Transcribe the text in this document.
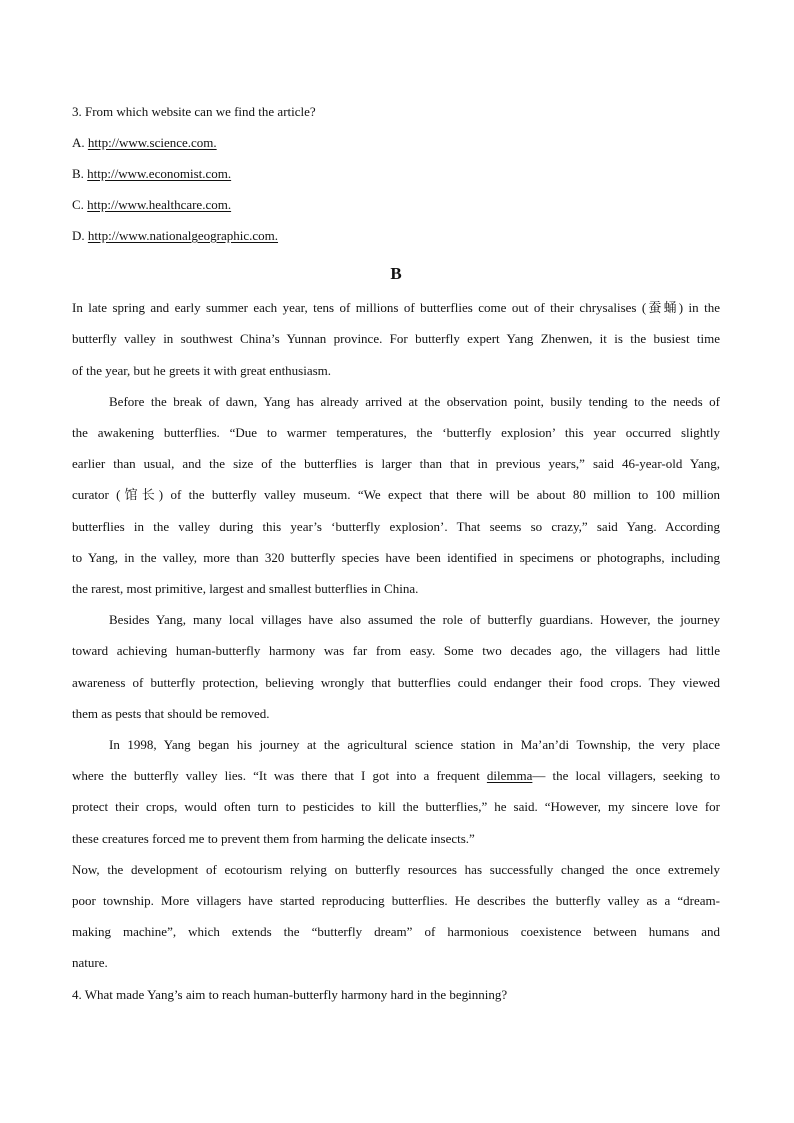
3. From which website can we find the article?
A. http://www.science.com.
B. http://www.economist.com.
C. http://www.healthcare.com.
D. http://www.nationalgeographic.com.
B
In late spring and early summer each year, tens of millions of butterflies come out of their chrysalises (蚕蛹) in the
butterfly valley in southwest China’s Yunnan province. For butterfly expert Yang Zhenwen, it is the busiest time
of the year, but he greets it with great enthusiasm.
Before the break of dawn, Yang has already arrived at the observation point, busily tending to the needs of
the awakening butterflies. “Due to warmer temperatures, the ‘butterfly explosion’ this year occurred slightly
earlier than usual, and the size of the butterflies is larger than that in previous years,” said 46-year-old Yang,
curator (馆长) of the butterfly valley museum. “We expect that there will be about 80 million to 100 million
butterflies in the valley during this year’s ‘butterfly explosion’. That seems so crazy,” said Yang. According
to Yang, in the valley, more than 320 butterfly species have been identified in specimens or photographs, including
the rarest, most primitive, largest and smallest butterflies in China.
Besides Yang, many local villages have also assumed the role of butterfly guardians. However, the journey
toward achieving human-butterfly harmony was far from easy. Some two decades ago, the villagers had little
awareness of butterfly protection, believing wrongly that butterflies could endanger their food crops. They viewed
them as pests that should be removed.
In 1998, Yang began his journey at the agricultural science station in Ma’an’di Township, the very place
where the butterfly valley lies. “It was there that I got into a frequent dilemma— the local villagers, seeking to
protect their crops, would often turn to pesticides to kill the butterflies,” he said. “However, my sincere love for
these creatures forced me to prevent them from harming the delicate insects.”
Now, the development of ecotourism relying on butterfly resources has successfully changed the once extremely
poor township. More villagers have started reproducing butterflies. He describes the butterfly valley as a “dream-
making machine”, which extends the “butterfly dream” of harmonious coexistence between humans and
nature.
4. What made Yang’s aim to reach human-butterfly harmony hard in the beginning?
